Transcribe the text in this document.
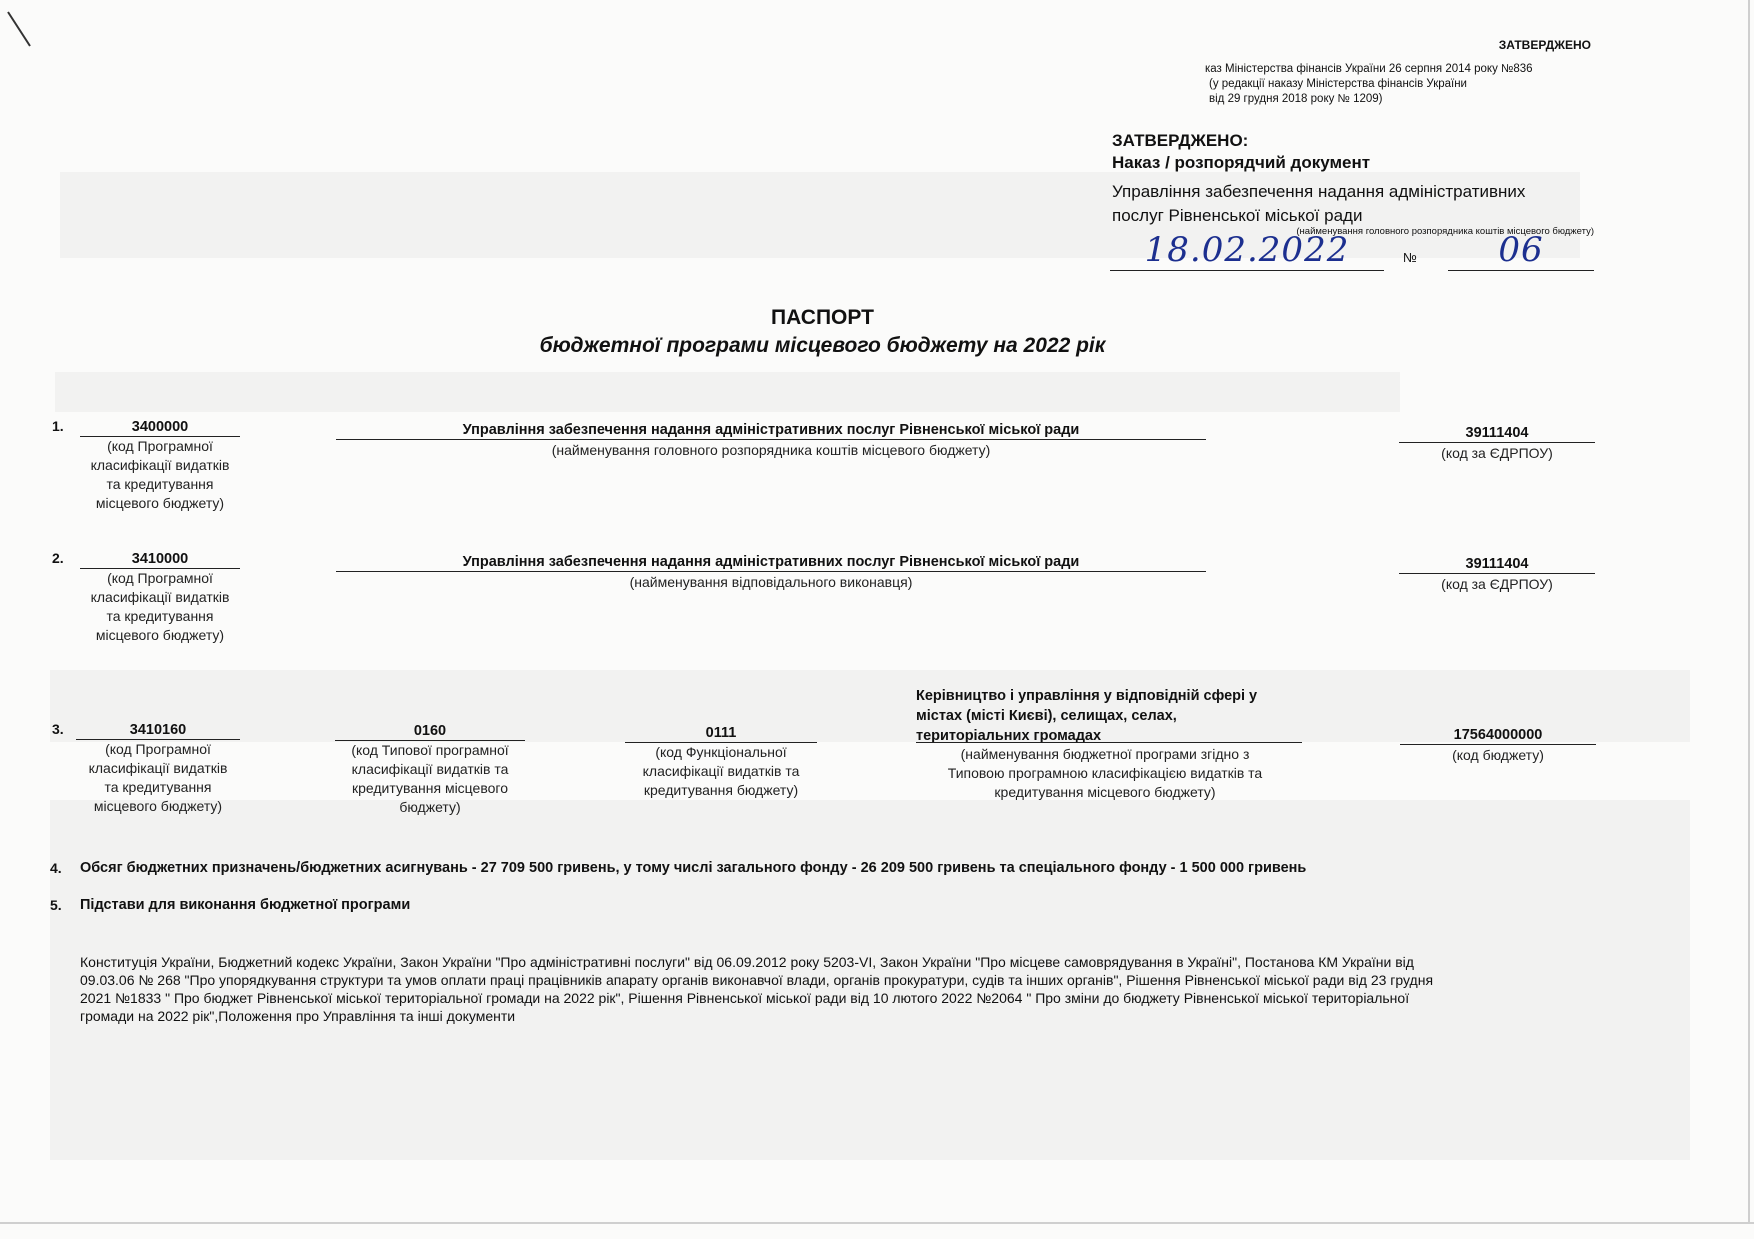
ЗАТВЕРДЖЕНО
каз Міністерства фінансів України 26 серпня 2014 року №836
(у редакції наказу Міністерства фінансів України
від 29 грудня 2018 року № 1209)
ЗАТВЕРДЖЕНО:
Наказ / розпорядчий документ
Управління забезпечення надання адміністративних
послуг Рівненської міської ради
(найменування головного розпорядника коштів місцевого бюджету)
18.02.2022	№	06
ПАСПОРТ
бюджетної програми місцевого бюджету на 2022 рік
1.	3400000
(код Програмної
класифікації видатків
та кредитування
місцевого бюджету)
Управління забезпечення надання адміністративних послуг Рівненської міської ради
(найменування головного розпорядника коштів місцевого бюджету)
39111404
(код за ЄДРПОУ)
2.	3410000
(код Програмної
класифікації видатків
та кредитування
місцевого бюджету)
Управління забезпечення надання адміністративних послуг Рівненської міської ради
(найменування відповідального виконавця)
39111404
(код за ЄДРПОУ)
3.	3410160
(код Програмної
класифікації видатків
та кредитування
місцевого бюджету)
0160
(код Типової програмної
класифікації видатків та
кредитування місцевого
бюджету)
0111
(код Функціональної
класифікації видатків та
кредитування бюджету)
Керівництво і управління у відповідній сфері у
містах (місті Києві), селищах, селах,
територіальних громадах
(найменування бюджетної програми згідно з
Типовою програмною класифікацією видатків та
кредитування місцевого бюджету)
17564000000
(код бюджету)
4. Обсяг бюджетних призначень/бюджетних асигнувань - 27 709 500 гривень, у тому числі загального фонду - 26 209 500 гривень та спеціального фонду - 1 500 000 гривень
5. Підстави для виконання бюджетної програми
Конституція України, Бюджетний кодекс України, Закон України "Про адміністративні послуги" від 06.09.2012 року 5203-VI, Закон України "Про місцеве самоврядування в Україні", Постанова КМ України від
09.03.06 № 268 "Про упорядкування структури та умов оплати праці працівників апарату органів виконавчої влади, органів прокуратури, судів та інших органів", Рішення Рівненської міської ради від 23 грудня
2021 №1833 " Про бюджет Рівненської міської територіальної громади на 2022 рік", Рішення Рівненської міської ради від 10 лютого 2022 №2064 " Про зміни до бюджету Рівненської міської територіальної
громади на 2022 рік",Положення про Управління та інші документи
